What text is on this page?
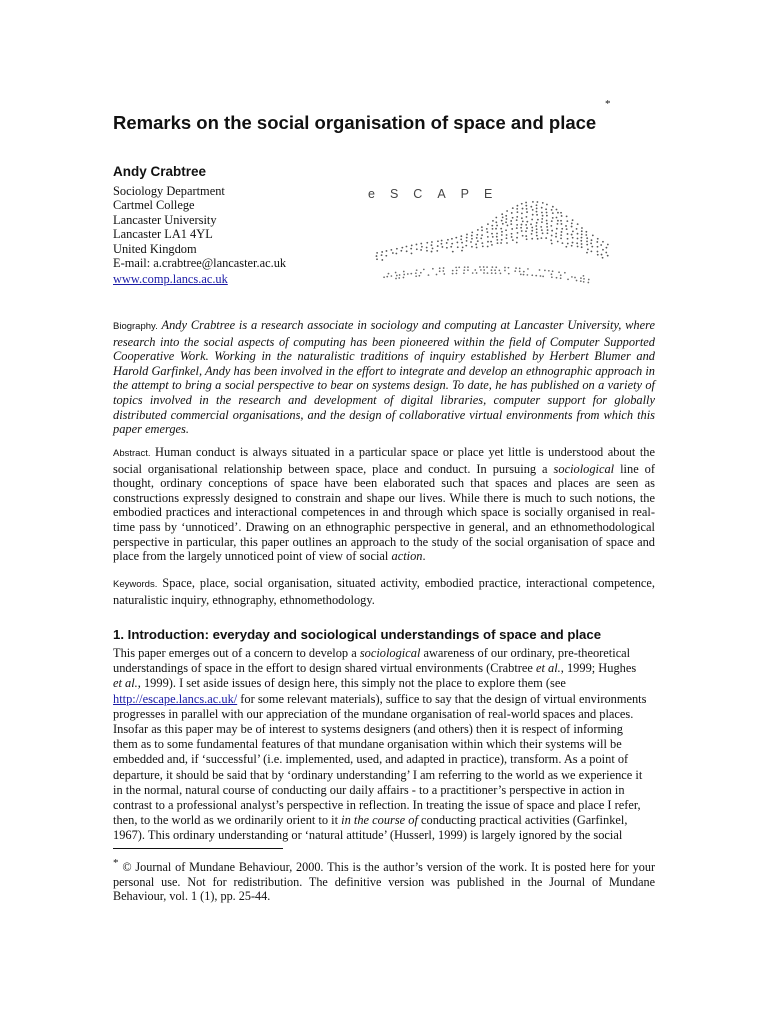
Remarks on the social organisation of space and place
*
Andy Crabtree
Sociology Department
Cartmel College
Lancaster University
Lancaster LA1 4YL
United Kingdom
E-mail: a.crabtree@lancaster.ac.uk
www.comp.lancs.ac.uk
eSCAPE
Biography. Andy Crabtree is a research associate in sociology and computing at Lancaster University, where research into the social aspects of computing has been pioneered within the field of Computer Supported Cooperative Work. Working in the naturalistic traditions of inquiry established by Herbert Blumer and Harold Garfinkel, Andy has been involved in the effort to integrate and develop an ethnographic approach in the attempt to bring a social perspective to bear on systems design. To date, he has published on a variety of topics involved in the research and development of digital libraries, computer support for globally distributed commercial organisations, and the design of collaborative virtual environments from which this paper emerges.
Abstract. Human conduct is always situated in a particular space or place yet little is understood about the social organisational relationship between space, place and conduct. In pursuing a sociological line of thought, ordinary conceptions of space have been elaborated such that spaces and places are seen as constructions expressly designed to constrain and shape our lives. While there is much to such notions, the embodied practices and interactional competences in and through which space is socially organised in real-time pass by ‘unnoticed’. Drawing on an ethnographic perspective in general, and an ethnomethodological perspective in particular, this paper outlines an approach to the study of the social organisation of space and place from the largely unnoticed point of view of social action.
Keywords. Space, place, social organisation, situated activity, embodied practice, interactional competence, naturalistic inquiry, ethnography, ethnomethodology.
1. Introduction: everyday and sociological understandings of space and place
This paper emerges out of a concern to develop a sociological awareness of our ordinary, pre-theoretical
understandings of space in the effort to design shared virtual environments (Crabtree et al., 1999; Hughes
et al., 1999). I set aside issues of design here, this simply not the place to explore them (see
http://escape.lancs.ac.uk/ for some relevant materials), suffice to say that the design of virtual environments
progresses in parallel with our appreciation of the mundane organisation of real-world spaces and places.
Insofar as this paper may be of interest to systems designers (and others) then it is respect of informing
them as to some fundamental features of that mundane organisation within which their systems will be
embedded and, if ‘successful’ (i.e. implemented, used, and adapted in practice), transform. As a point of
departure, it should be said that by ‘ordinary understanding’ I am referring to the world as we experience it
in the normal, natural course of conducting our daily affairs - to a practitioner’s perspective in action in
contrast to a professional analyst’s perspective in reflection. In treating the issue of space and place I refer,
then, to the world as we ordinarily orient to it in the course of conducting practical activities (Garfinkel,
1967). This ordinary understanding or ‘natural attitude’ (Husserl, 1999) is largely ignored by the social
* © Journal of Mundane Behaviour, 2000. This is the author’s version of the work. It is posted here for your personal use. Not for redistribution. The definitive version was published in the Journal of Mundane Behaviour, vol. 1 (1), pp. 25-44.
